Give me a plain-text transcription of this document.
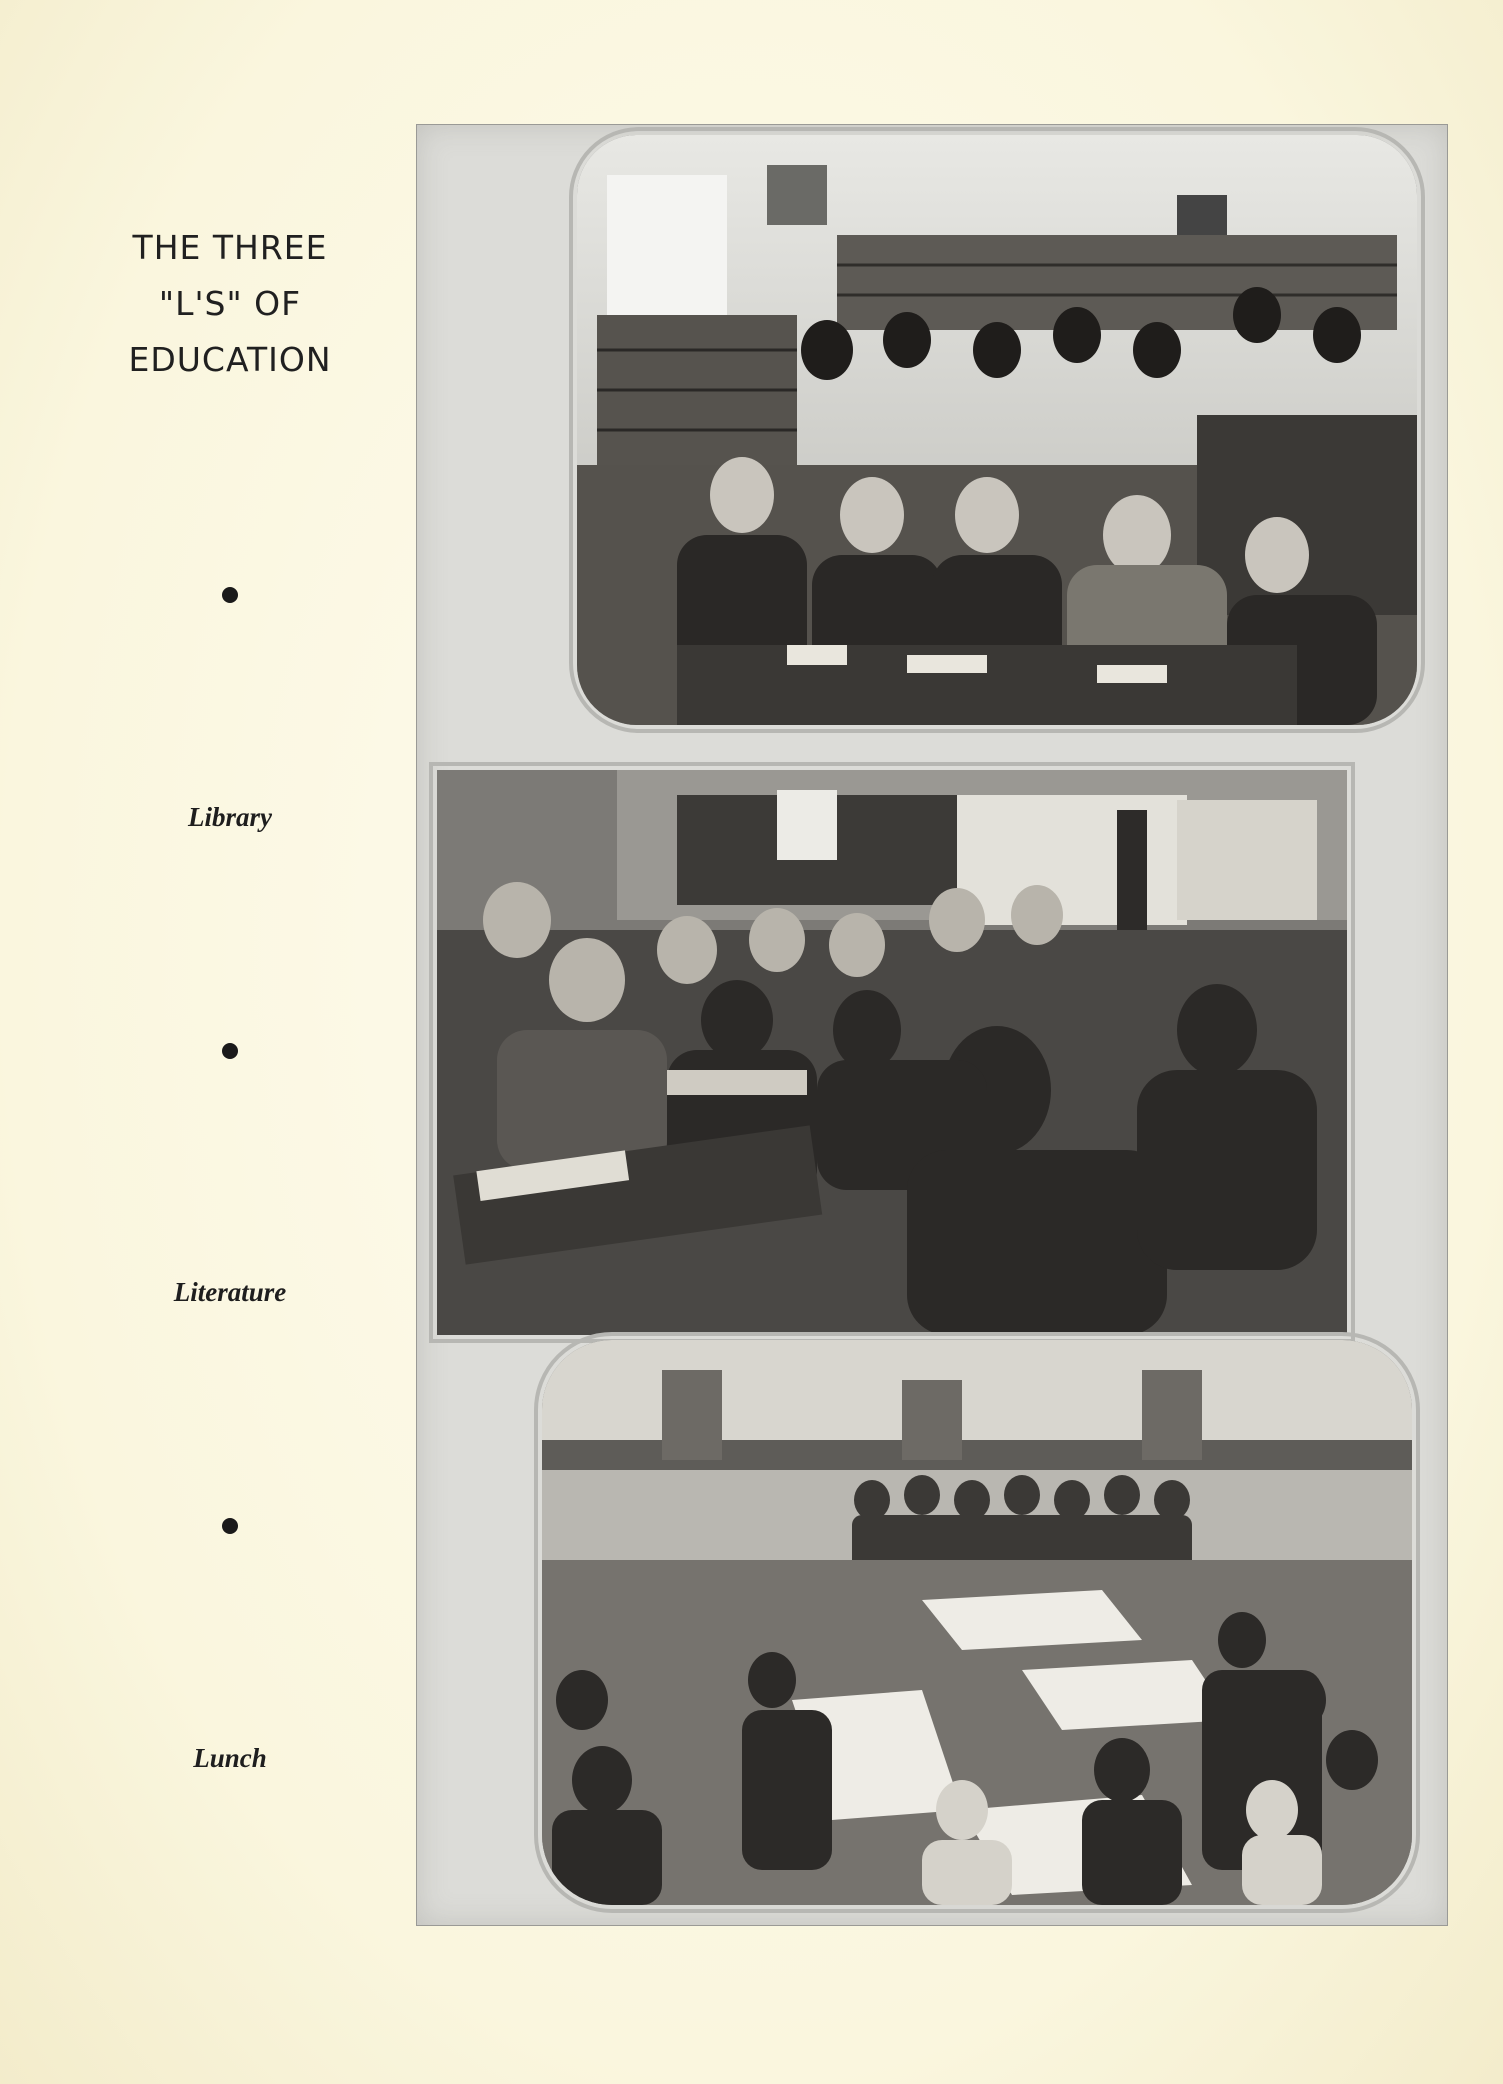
THE THREE
"L'S" OF
EDUCATION
Library
Literature
Lunch
